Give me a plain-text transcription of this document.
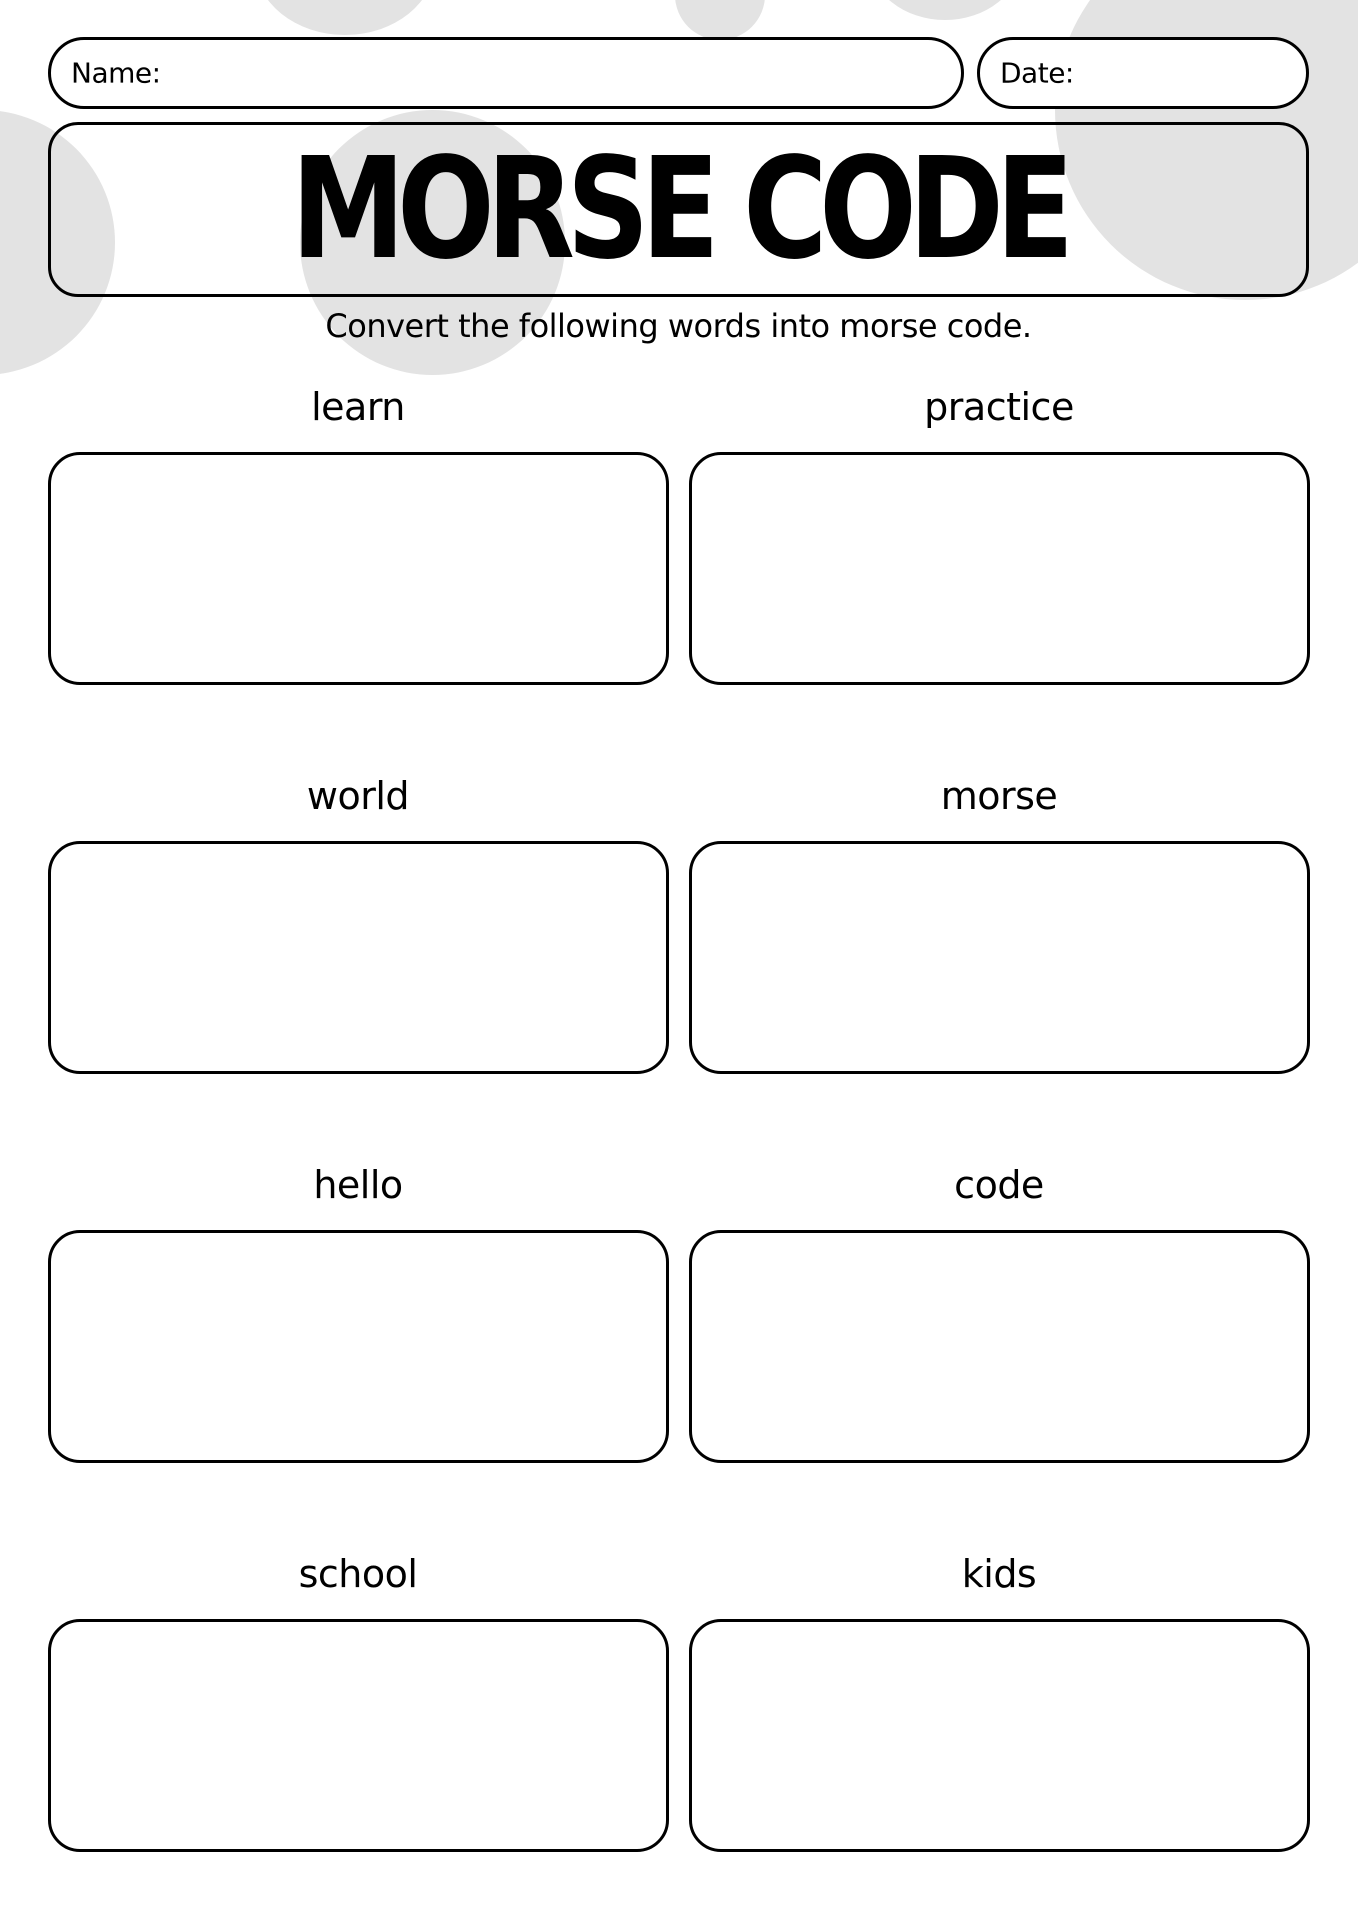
Name:	Date:
MORSE CODE
Convert the following words into morse code.
learn	practice
world	morse
hello	code
school	kids
